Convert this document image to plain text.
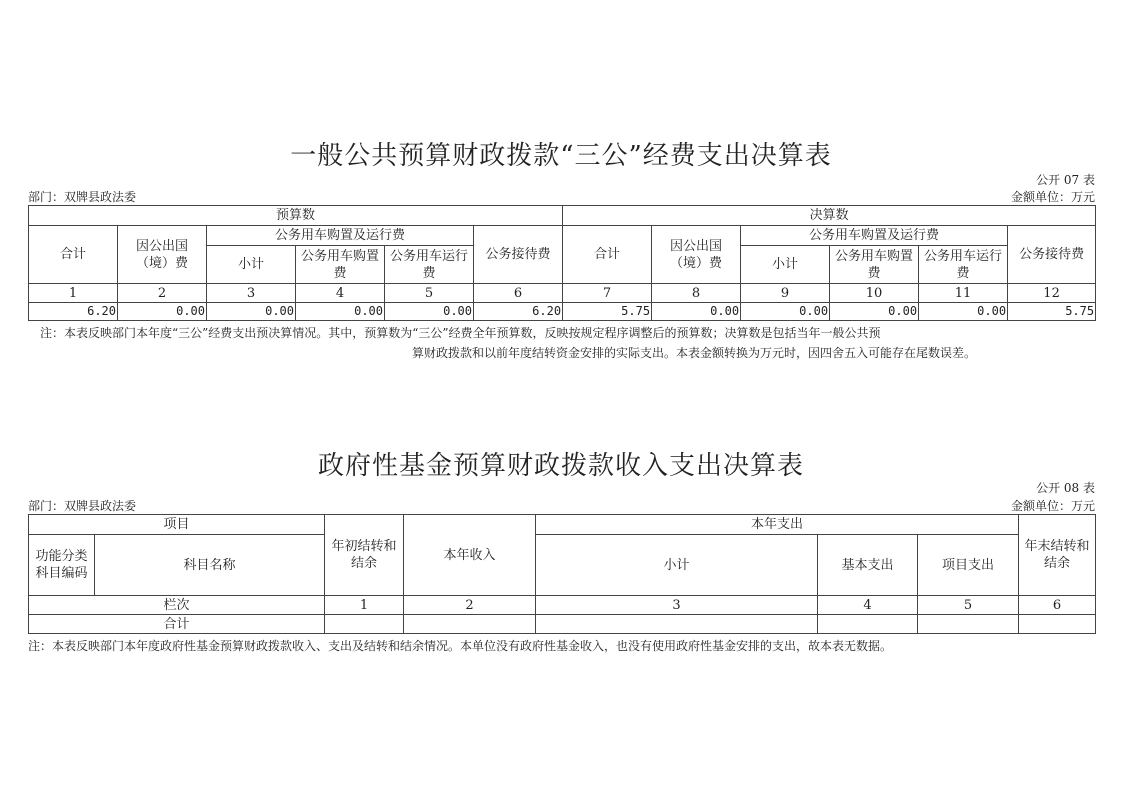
一般公共预算财政拨款“三公”经费支出决算表
公开 07 表
部门：双牌县政法委	金额单位：万元
预算数						决算数					
合计	因公出国（境）费	公务用车购置及运行费			公务接待费	合计	因公出国（境）费	公务用车购置及运行费			公务接待费
		小计	公务用车购置费	公务用车运行费				小计	公务用车购置费	公务用车运行费	
1	2	3	4	5	6	7	8	9	10	11	12
6.20	0.00	0.00	0.00	0.00	6.20	5.75	0.00	0.00	0.00	0.00	5.75
注：本表反映部门本年度“三公”经费支出预决算情况。其中，预算数为“三公”经费全年预算数，反映按规定程序调整后的预算数；决算数是包括当年一般公共预
算财政拨款和以前年度结转资金安排的实际支出。本表金额转换为万元时，因四舍五入可能存在尾数误差。
政府性基金预算财政拨款收入支出决算表
公开 08 表
部门：双牌县政法委	金额单位：万元
项目		年初结转和结余	本年收入	本年支出			年末结转和结余
功能分类科目编码	科目名称			小计	基本支出	项目支出	
栏次		1	2	3	4	5	6
合计							
注：本表反映部门本年度政府性基金预算财政拨款收入、支出及结转和结余情况。本单位没有政府性基金收入，也没有使用政府性基金安排的支出，故本表无数据。
